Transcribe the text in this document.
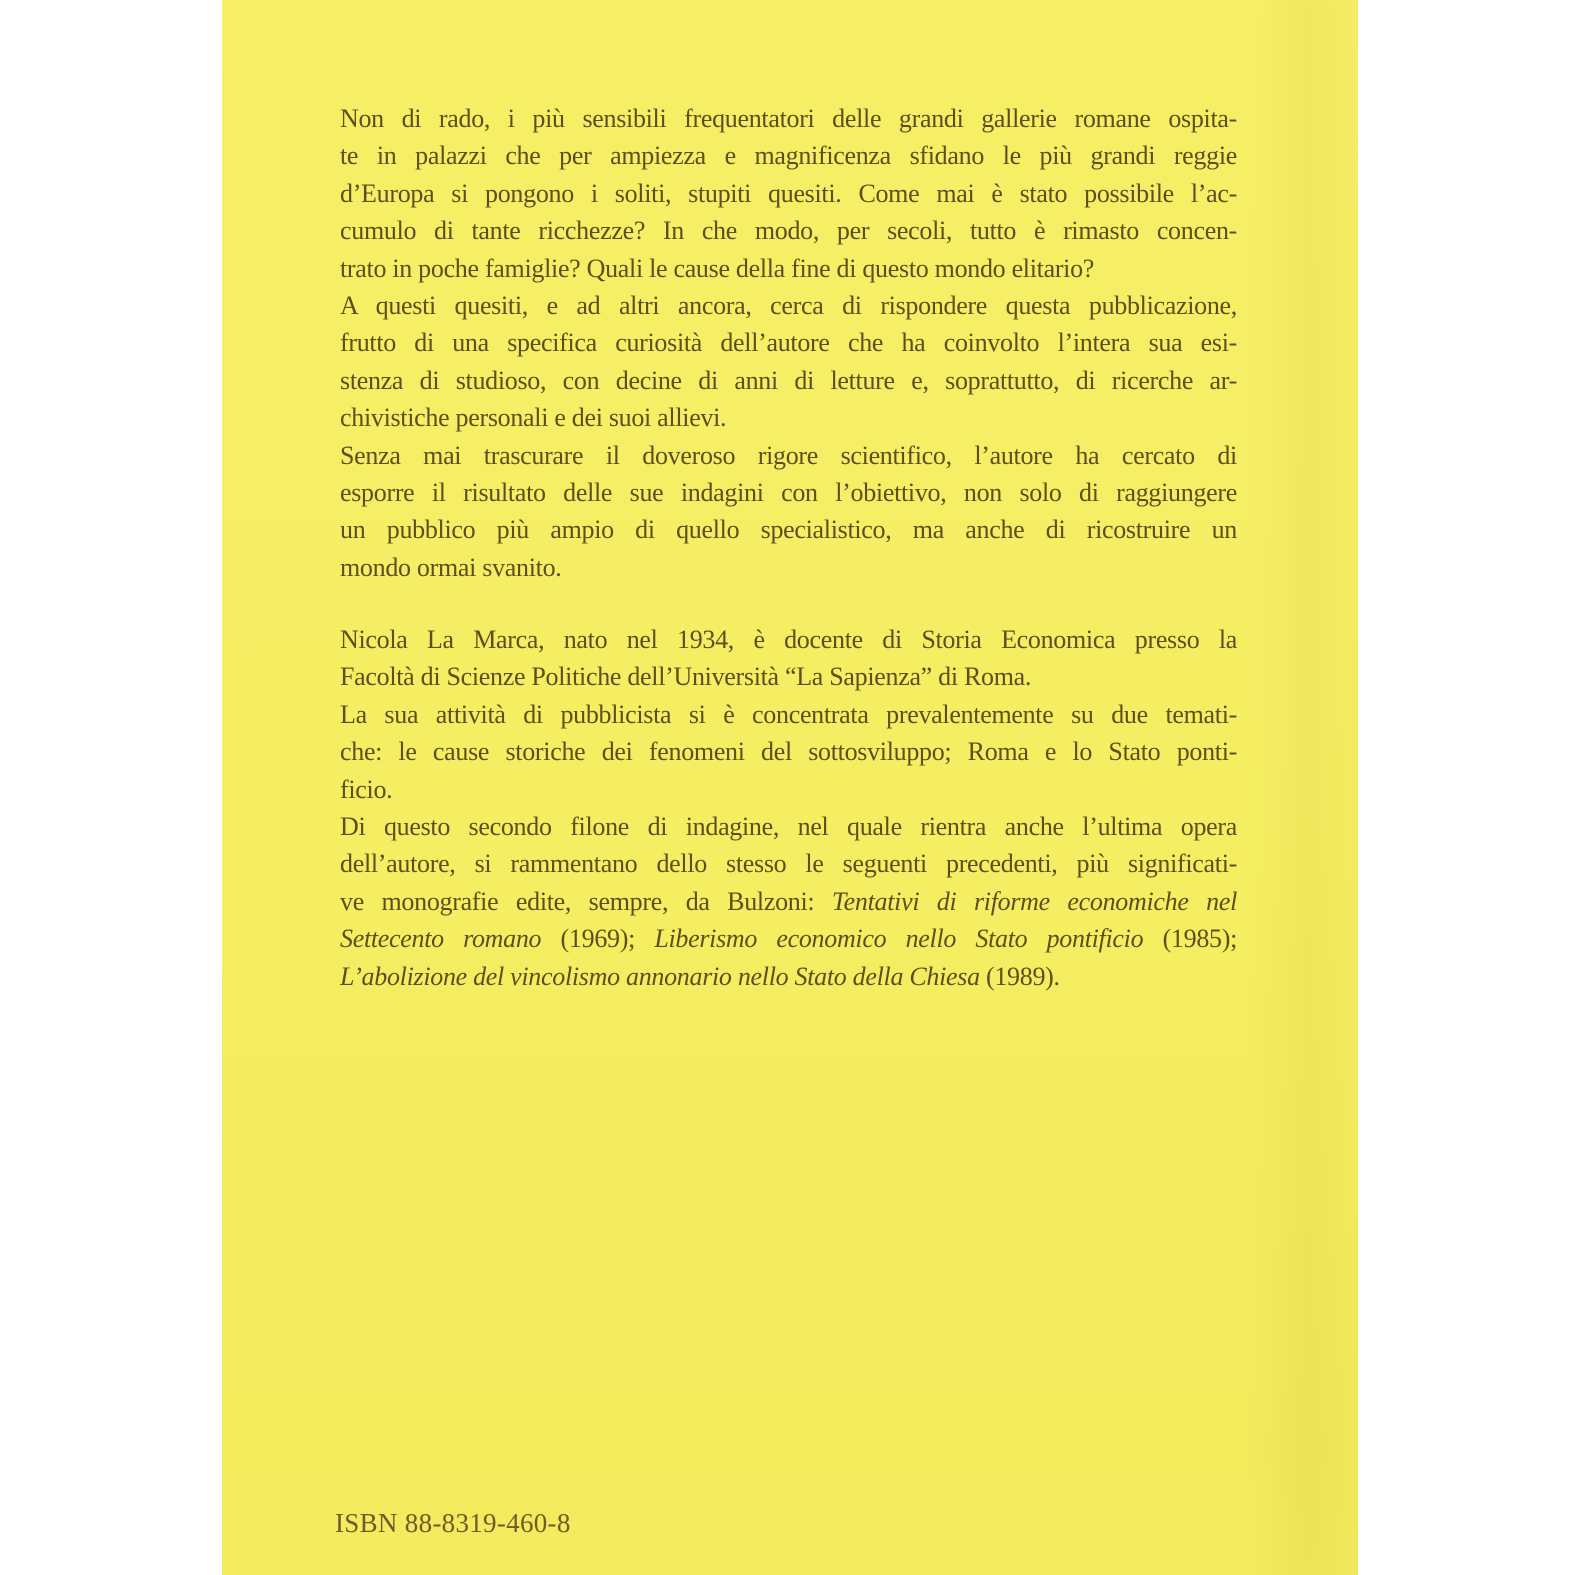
Non di rado, i più sensibili frequentatori delle grandi gallerie romane ospita-
te in palazzi che per ampiezza e magnificenza sfidano le più grandi reggie
d’Europa si pongono i soliti, stupiti quesiti. Come mai è stato possibile l’ac-
cumulo di tante ricchezze? In che modo, per secoli, tutto è rimasto concen-
trato in poche famiglie? Quali le cause della fine di questo mondo elitario?
A questi quesiti, e ad altri ancora, cerca di rispondere questa pubblicazione,
frutto di una specifica curiosità dell’autore che ha coinvolto l’intera sua esi-
stenza di studioso, con decine di anni di letture e, soprattutto, di ricerche ar-
chivistiche personali e dei suoi allievi.
Senza mai trascurare il doveroso rigore scientifico, l’autore ha cercato di
esporre il risultato delle sue indagini con l’obiettivo, non solo di raggiungere
un pubblico più ampio di quello specialistico, ma anche di ricostruire un
mondo ormai svanito.
Nicola La Marca, nato nel 1934, è docente di Storia Economica presso la
Facoltà di Scienze Politiche dell’Università “La Sapienza” di Roma.
La sua attività di pubblicista si è concentrata prevalentemente su due temati-
che: le cause storiche dei fenomeni del sottosviluppo; Roma e lo Stato ponti-
ficio.
Di questo secondo filone di indagine, nel quale rientra anche l’ultima opera
dell’autore, si rammentano dello stesso le seguenti precedenti, più significati-
ve monografie edite, sempre, da Bulzoni: Tentativi di riforme economiche nel
Settecento romano (1969); Liberismo economico nello Stato pontificio (1985);
L’abolizione del vincolismo annonario nello Stato della Chiesa (1989).
ISBN 88-8319-460-8
